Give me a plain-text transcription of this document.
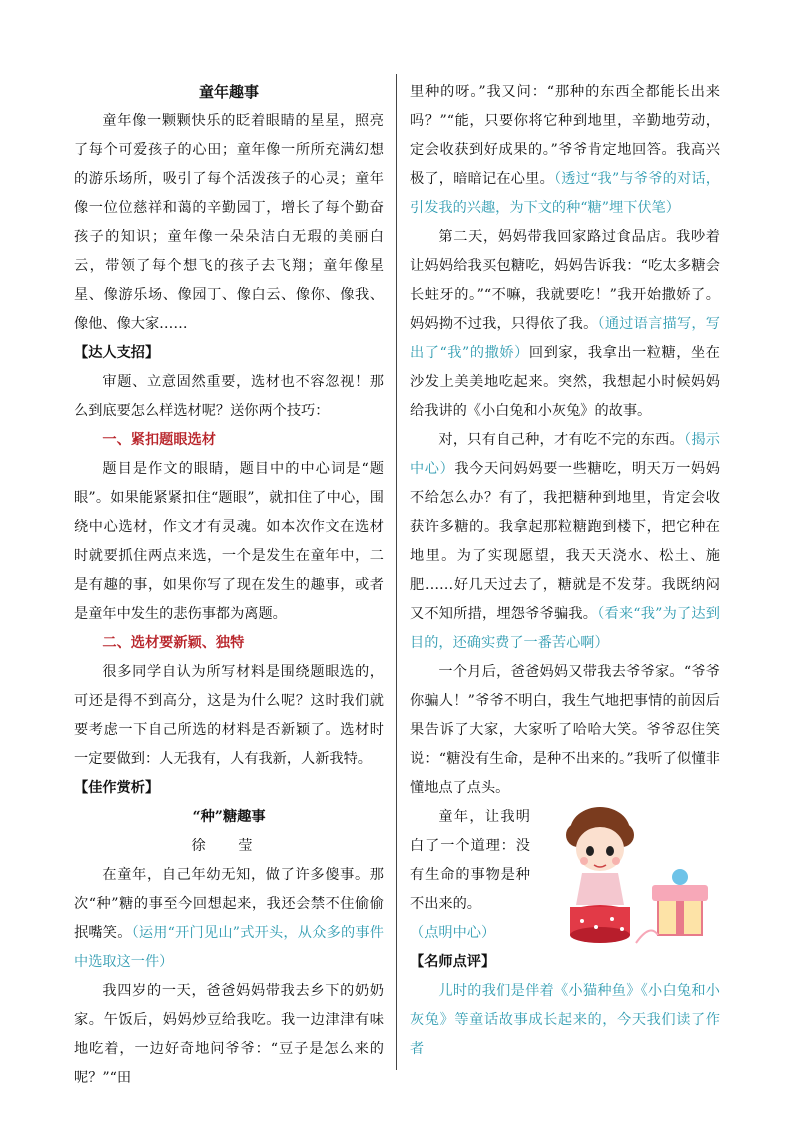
童年趣事

童年像一颗颗快乐的眨着眼睛的星星，照亮了每个可爱孩子的心田；童年像一所所充满幻想的游乐场所，吸引了每个活泼孩子的心灵；童年像一位位慈祥和蔼的辛勤园丁，增长了每个勤奋孩子的知识；童年像一朵朵洁白无瑕的美丽白云，带领了每个想飞的孩子去飞翔；童年像星星、像游乐场、像园丁、像白云、像你、像我、像他、像大家……

【达人支招】

审题、立意固然重要，选材也不容忽视！那么到底要怎么样选材呢？送你两个技巧：

一、紧扣题眼选材

题目是作文的眼睛，题目中的中心词是“题眼”。如果能紧紧扣住“题眼”，就扣住了中心，围绕中心选材，作文才有灵魂。如本次作文在选材时就要抓住两点来选，一个是发生在童年中，二是有趣的事，如果你写了现在发生的趣事，或者是童年中发生的悲伤事都为离题。

二、选材要新颖、独特

很多同学自认为所写材料是围绕题眼选的，可还是得不到高分，这是为什么呢？这时我们就要考虑一下自己所选的材料是否新颖了。选材时一定要做到：人无我有，人有我新，人新我特。

【佳作赏析】

“种”糖趣事

徐 莹

在童年，自己年幼无知，做了许多傻事。那次“种”糖的事至今回想起来，我还会禁不住偷偷抿嘴笑。（运用“开门见山”式开头，从众多的事件中选取这一件）

我四岁的一天，爸爸妈妈带我去乡下的奶奶家。午饭后，妈妈炒豆给我吃。我一边津津有味地吃着，一边好奇地问爷爷：“豆子是怎么来的呢？”“田

里种的呀。”我又问：“那种的东西全都能长出来吗？”“能，只要你将它种到地里，辛勤地劳动，定会收获到好成果的。”爷爷肯定地回答。我高兴极了，暗暗记在心里。（透过“我”与爷爷的对话，引发我的兴趣，为下文的种“糖”埋下伏笔）

第二天，妈妈带我回家路过食品店。我吵着让妈妈给我买包糖吃，妈妈告诉我：“吃太多糖会长蛀牙的。”“不嘛，我就要吃！”我开始撒娇了。妈妈拗不过我，只得依了我。（通过语言描写，写出了“我”的撒娇）回到家，我拿出一粒糖，坐在沙发上美美地吃起来。突然，我想起小时候妈妈给我讲的《小白兔和小灰兔》的故事。

对，只有自己种，才有吃不完的东西。（揭示中心）我今天问妈妈要一些糖吃，明天万一妈妈不给怎么办？有了，我把糖种到地里，肯定会收获许多糖的。我拿起那粒糖跑到楼下，把它种在地里。为了实现愿望，我天天浇水、松土、施肥……好几天过去了，糖就是不发芽。我既纳闷又不知所措，埋怨爷爷骗我。（看来“我”为了达到目的，还确实费了一番苦心啊）

一个月后，爸爸妈妈又带我去爷爷家。“爷爷你骗人！”爷爷不明白，我生气地把事情的前因后果告诉了大家，大家听了哈哈大笑。爷爷忍住笑说：“糖没有生命，是种不出来的。”我听了似懂非懂地点了点头。

童年，让我明白了一个道理：没有生命的事物是种不出来的。

（点明中心）

【名师点评】

儿时的我们是伴着《小猫种鱼》《小白兔和小灰兔》等童话故事成长起来的，今天我们读了作者
